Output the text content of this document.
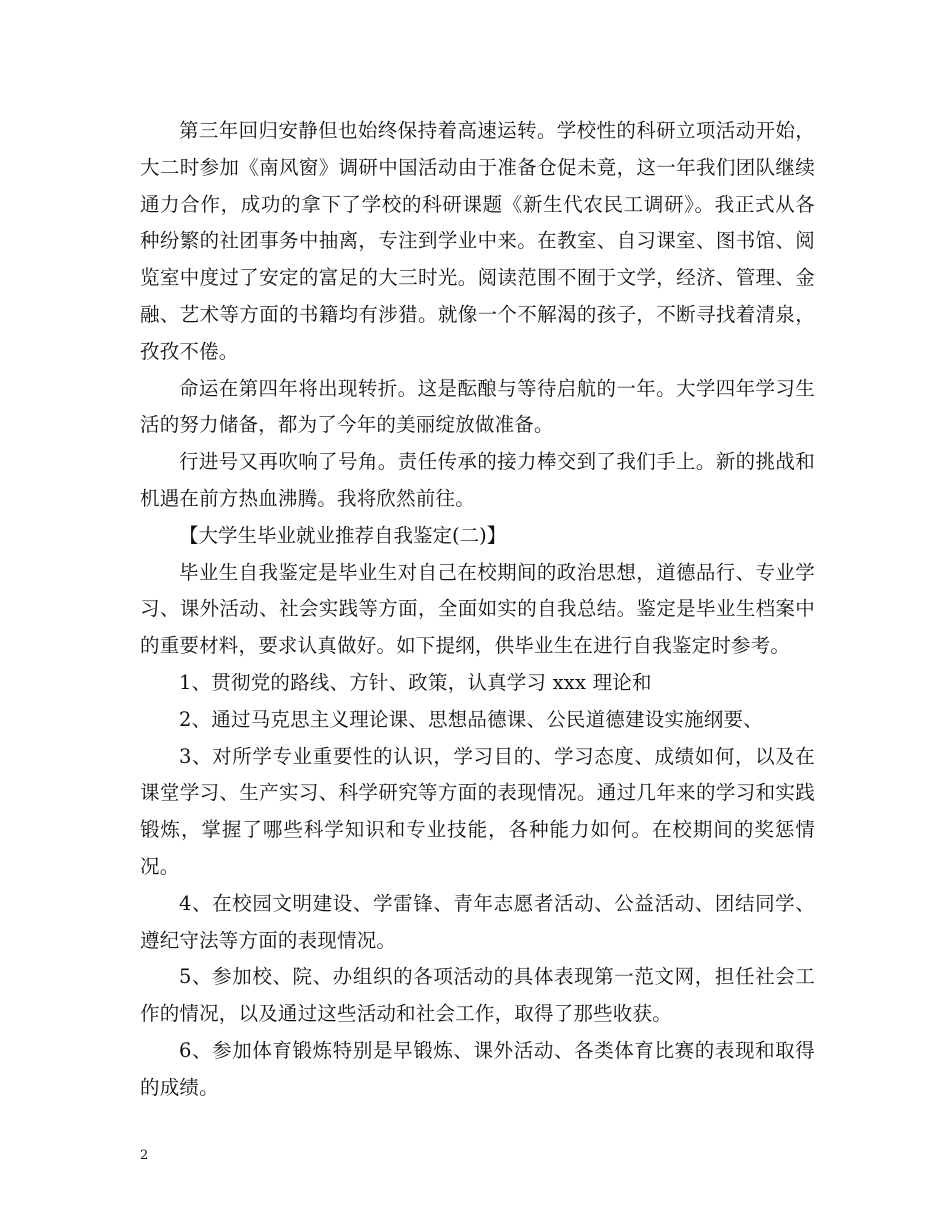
第三年回归安静但也始终保持着高速运转。学校性的科研立项活动开始，大二时参加《南风窗》调研中国活动由于准备仓促未竟，这一年我们团队继续通力合作，成功的拿下了学校的科研课题《新生代农民工调研》。我正式从各种纷繁的社团事务中抽离，专注到学业中来。在教室、自习课室、图书馆、阅览室中度过了安定的富足的大三时光。阅读范围不囿于文学，经济、管理、金融、艺术等方面的书籍均有涉猎。就像一个不解渴的孩子，不断寻找着清泉，孜孜不倦。

命运在第四年将出现转折。这是酝酿与等待启航的一年。大学四年学习生活的努力储备，都为了今年的美丽绽放做准备。

行进号又再吹响了号角。责任传承的接力棒交到了我们手上。新的挑战和机遇在前方热血沸腾。我将欣然前往。

【大学生毕业就业推荐自我鉴定(二)】

毕业生自我鉴定是毕业生对自己在校期间的政治思想，道德品行、专业学习、课外活动、社会实践等方面，全面如实的自我总结。鉴定是毕业生档案中的重要材料，要求认真做好。如下提纲，供毕业生在进行自我鉴定时参考。

1、贯彻党的路线、方针、政策，认真学习 xxx 理论和

2、通过马克思主义理论课、思想品德课、公民道德建设实施纲要、

3、对所学专业重要性的认识，学习目的、学习态度、成绩如何，以及在课堂学习、生产实习、科学研究等方面的表现情况。通过几年来的学习和实践锻炼，掌握了哪些科学知识和专业技能，各种能力如何。在校期间的奖惩情况。

4、在校园文明建设、学雷锋、青年志愿者活动、公益活动、团结同学、遵纪守法等方面的表现情况。

5、参加校、院、办组织的各项活动的具体表现第一范文网，担任社会工作的情况，以及通过这些活动和社会工作，取得了那些收获。

6、参加体育锻炼特别是早锻炼、课外活动、各类体育比赛的表现和取得的成绩。

2
